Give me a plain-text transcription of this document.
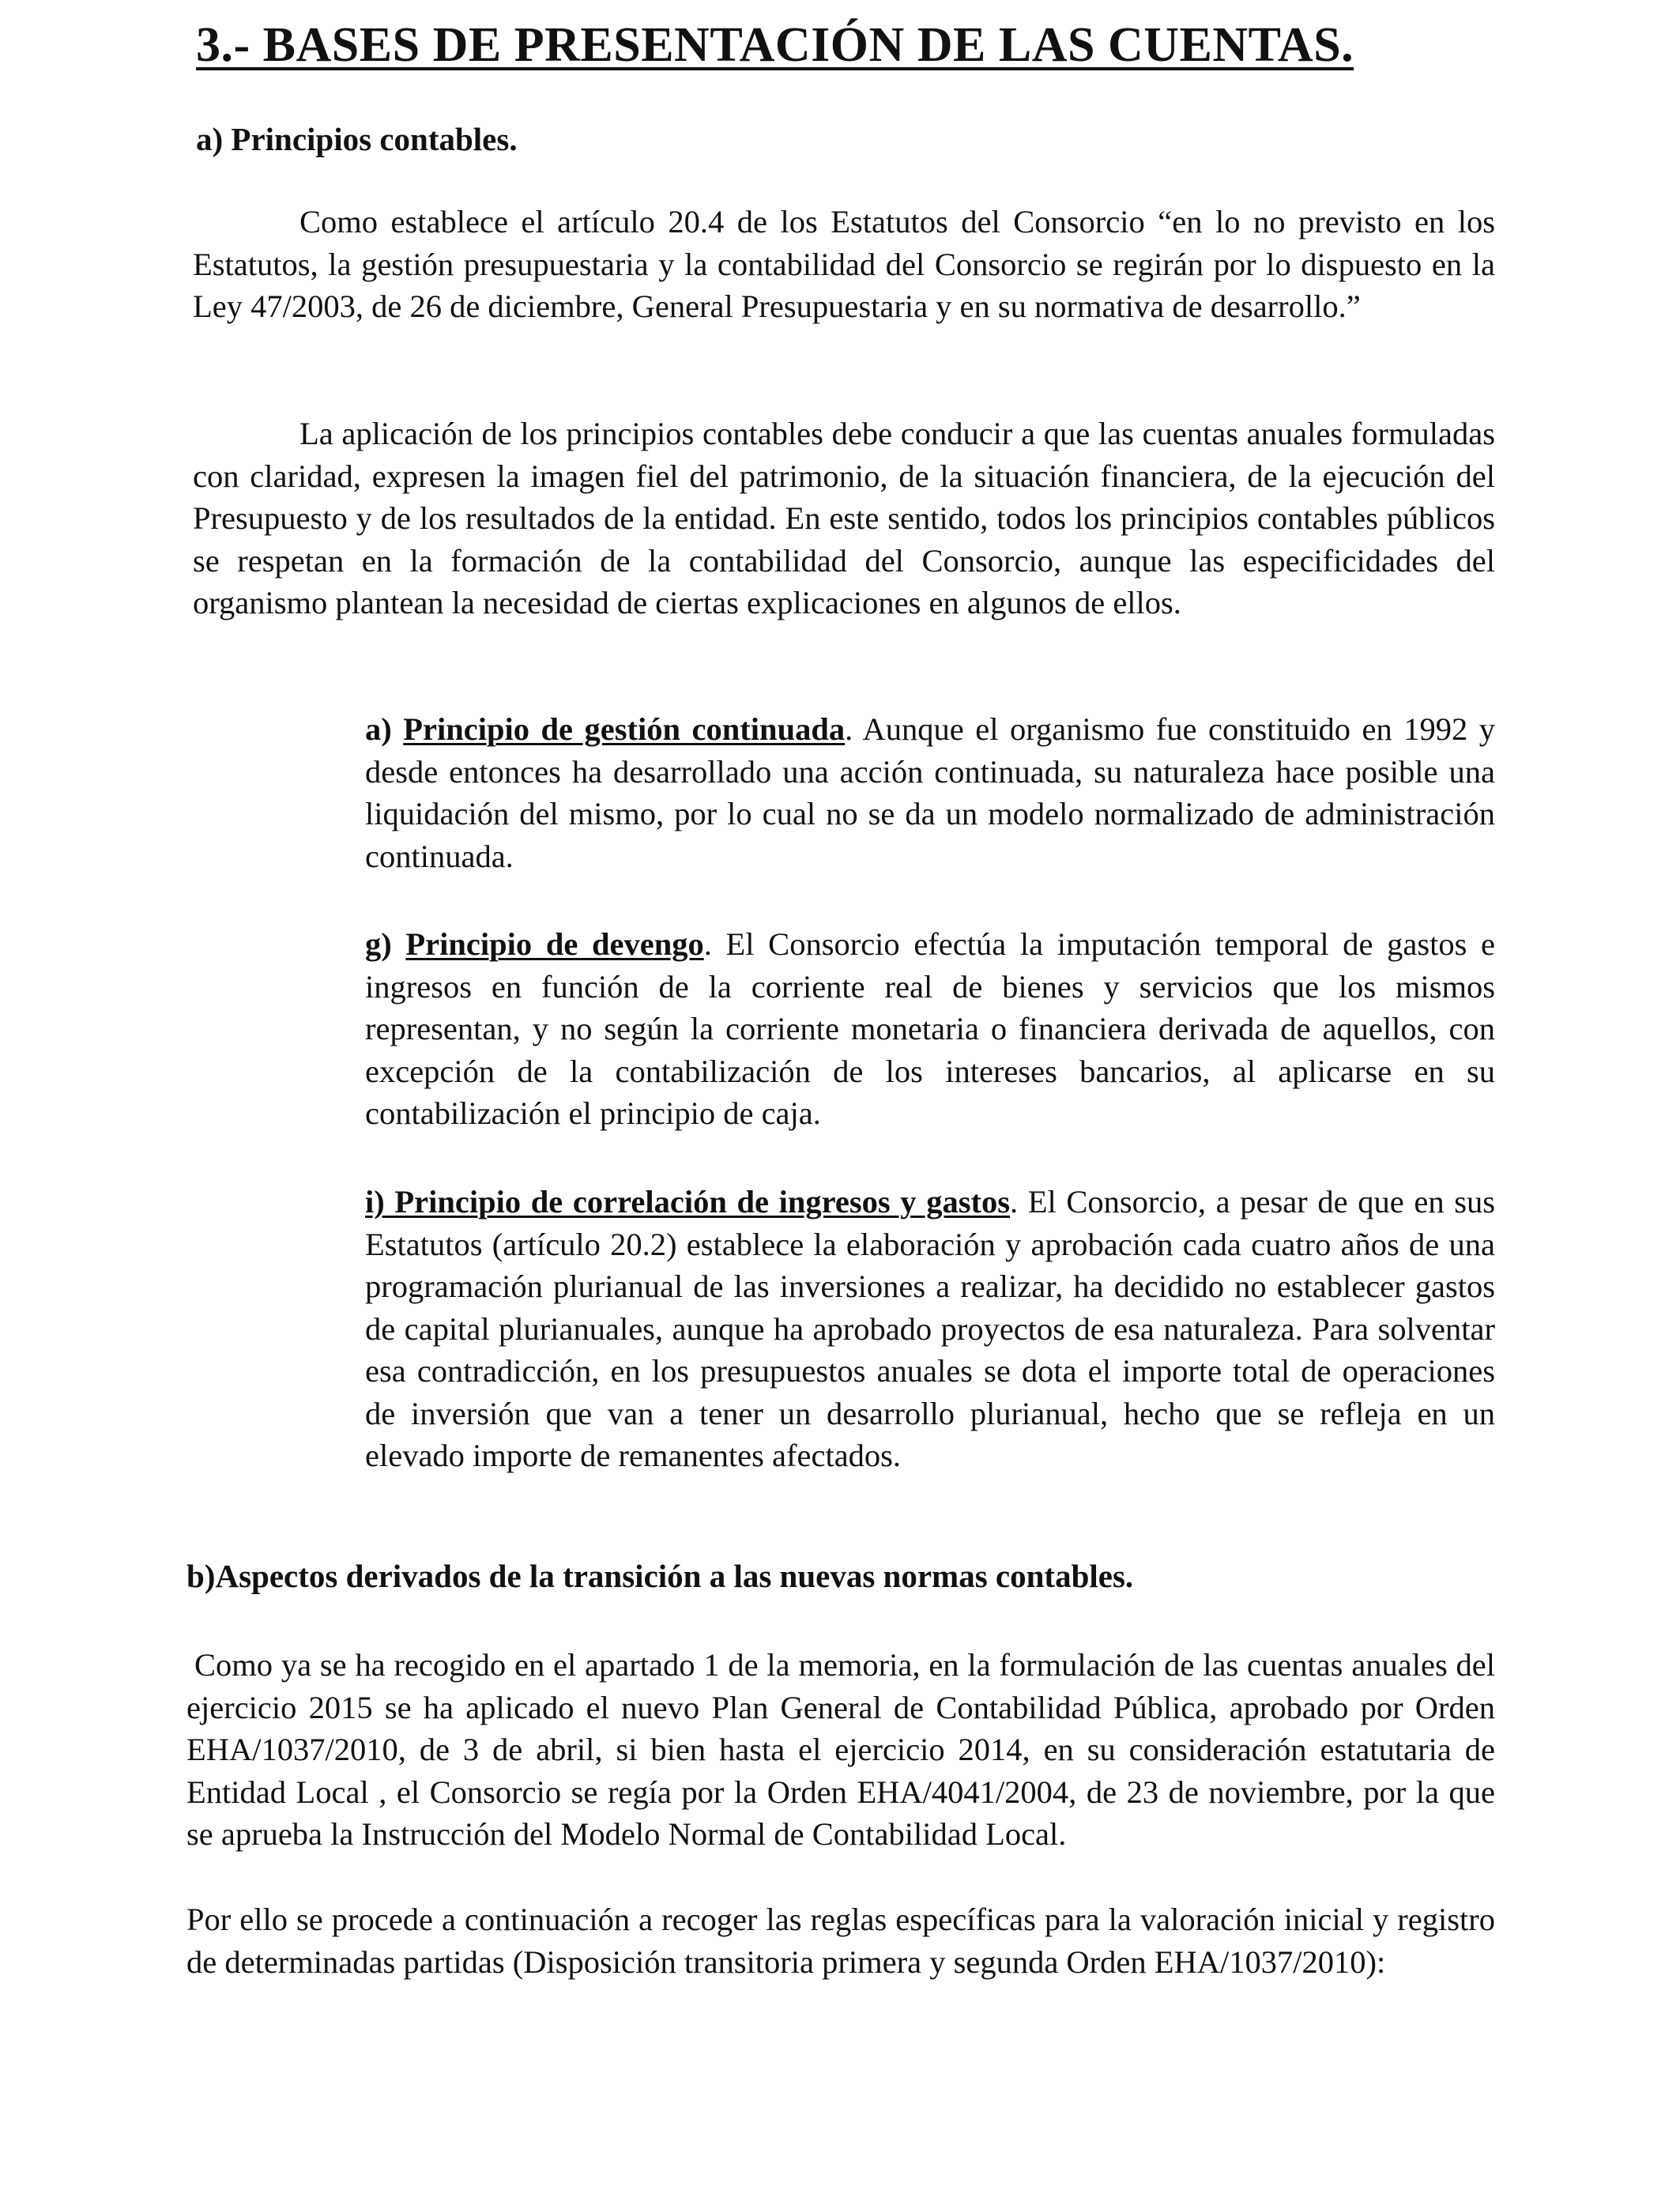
3.- BASES DE PRESENTACIÓN DE LAS CUENTAS.
a) Principios contables.

Como establece el artículo 20.4 de los Estatutos del Consorcio “en lo no previsto en los Estatutos, la gestión presupuestaria y la contabilidad del Consorcio se regirán por lo dispuesto en la Ley 47/2003, de 26 de diciembre, General Presupuestaria y en su normativa de desarrollo.”

La aplicación de los principios contables debe conducir a que las cuentas anuales formuladas con claridad, expresen la imagen fiel del patrimonio, de la situación financiera, de la ejecución del Presupuesto y de los resultados de la entidad. En este sentido, todos los principios contables públicos se respetan en la formación de la contabilidad del Consorcio, aunque las especificidades del organismo plantean la necesidad de ciertas explicaciones en algunos de ellos.

a) Principio de gestión continuada. Aunque el organismo fue constituido en 1992 y desde entonces ha desarrollado una acción continuada, su naturaleza hace posible una liquidación del mismo, por lo cual no se da un modelo normalizado de administración continuada.

g) Principio de devengo. El Consorcio efectúa la imputación temporal de gastos e ingresos en función de la corriente real de bienes y servicios que los mismos representan, y no según la corriente monetaria o financiera derivada de aquellos, con excepción de la contabilización de los intereses bancarios, al aplicarse en su contabilización el principio de caja.

i) Principio de correlación de ingresos y gastos. El Consorcio, a pesar de que en sus Estatutos (artículo 20.2) establece la elaboración y aprobación cada cuatro años de una programación plurianual de las inversiones a realizar, ha decidido no establecer gastos de capital plurianuales, aunque ha aprobado proyectos de esa naturaleza. Para solventar esa contradicción, en los presupuestos anuales se dota el importe total de operaciones de inversión que van a tener un desarrollo plurianual, hecho que se refleja en un elevado importe de remanentes afectados.

b)Aspectos derivados de la transición a las nuevas normas contables.

Como ya se ha recogido en el apartado 1 de la memoria, en la formulación de las cuentas anuales del ejercicio 2015 se ha aplicado el nuevo Plan General de Contabilidad Pública, aprobado por Orden EHA/1037/2010, de 3 de abril, si bien hasta el ejercicio 2014, en su consideración estatutaria de Entidad Local , el Consorcio se regía por la Orden EHA/4041/2004, de 23 de noviembre, por la que se aprueba la Instrucción del Modelo Normal de Contabilidad Local.

Por ello se procede a continuación a recoger las reglas específicas para la valoración inicial y registro de determinadas partidas (Disposición transitoria primera y segunda Orden EHA/1037/2010):
